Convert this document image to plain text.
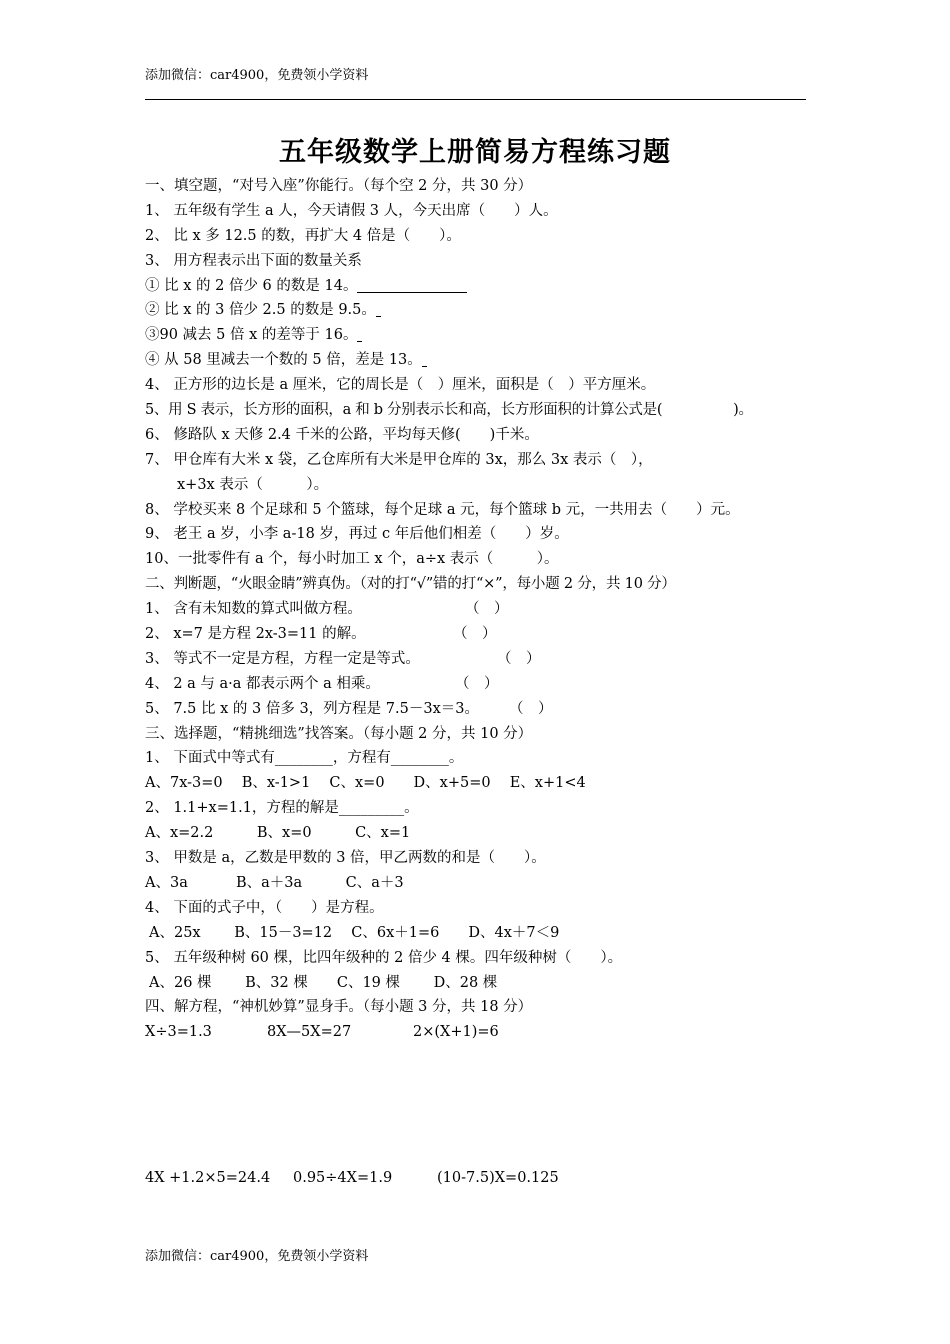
添加微信：car4900，免费领小学资料
五年级数学上册简易方程练习题
一、填空题，“对号入座”你能行。（每个空 2 分，共 30 分）
1、 五年级有学生 a 人，今天请假 3 人，今天出席（　　）人。
2、 比 x 多 12.5 的数，再扩大 4 倍是（　　）。
3、 用方程表示出下面的数量关系
① 比 x 的 2 倍少 6 的数是 14。
② 比 x 的 3 倍少 2.5 的数是 9.5。
③90 减去 5 倍 x 的差等于 16。
④ 从 58 里减去一个数的 5 倍，差是 13。
4、 正方形的边长是 a 厘米，它的周长是（　）厘米，面积是（　）平方厘米。
5、用 S 表示，长方形的面积，a 和 b 分别表示长和高，长方形面积的计算公式是(　　　　　)。
6、 修路队 x 天修 2.4 千米的公路，平均每天修(　　)千米。
7、 甲仓库有大米 x 袋，乙仓库所有大米是甲仓库的 3x，那么 3x 表示（　），
x+3x 表示（　　　）。
8、 学校买来 8 个足球和 5 个篮球，每个足球 a 元，每个篮球 b 元，一共用去（　　）元。
9、 老王 a 岁，小李 a-18 岁，再过 c 年后他们相差（　　）岁。
10、一批零件有 a 个，每小时加工 x 个，a÷x 表示（　　　）。
二、判断题，“火眼金睛”辨真伪。（对的打“√”错的打“×”，每小题 2 分，共 10 分）
1、 含有未知数的算式叫做方程。	（　）
2、 x=7 是方程 2x-3=11 的解。	（　）
3、 等式不一定是方程，方程一定是等式。	（　）
4、 2 a 与 a·a 都表示两个 a 相乘。	（　）
5、 7.5 比 x 的 3 倍多 3，列方程是 7.5－3x＝3。 （　）
三、选择题，“精挑细选”找答案。（每小题 2 分，共 10 分）
1、 下面式中等式有________，方程有________。
A、7x-3=0　 B、x-1>1　 C、x=0　　D、x+5=0　 E、x+1<4
2、 1.1+x=1.1，方程的解是_________。
A、x=2.2　　　B、x=0　　　C、x=1
3、 甲数是 a，乙数是甲数的 3 倍，甲乙两数的和是（　　）。
A、3a　　　 B、a＋3a　　　C、a＋3
4、 下面的式子中，（　　）是方程。
A、25x　　 B、15－3=12　 C、6x＋1=6　　D、4x＋7＜9
5、 五年级种树 60 棵，比四年级种的 2 倍少 4 棵。四年级种树（　　）。
A、26 棵　　 B、32 棵　　C、19 棵　　 D、28 棵
四、解方程，“神机妙算”显身手。（每小题 3 分，共 18 分）
X÷3=1.3	8X—5X=27	2×(X+1)=6
4X +1.2×5=24.4 0.95÷4X=1.9	(10-7.5)X=0.125
添加微信：car4900，免费领小学资料
